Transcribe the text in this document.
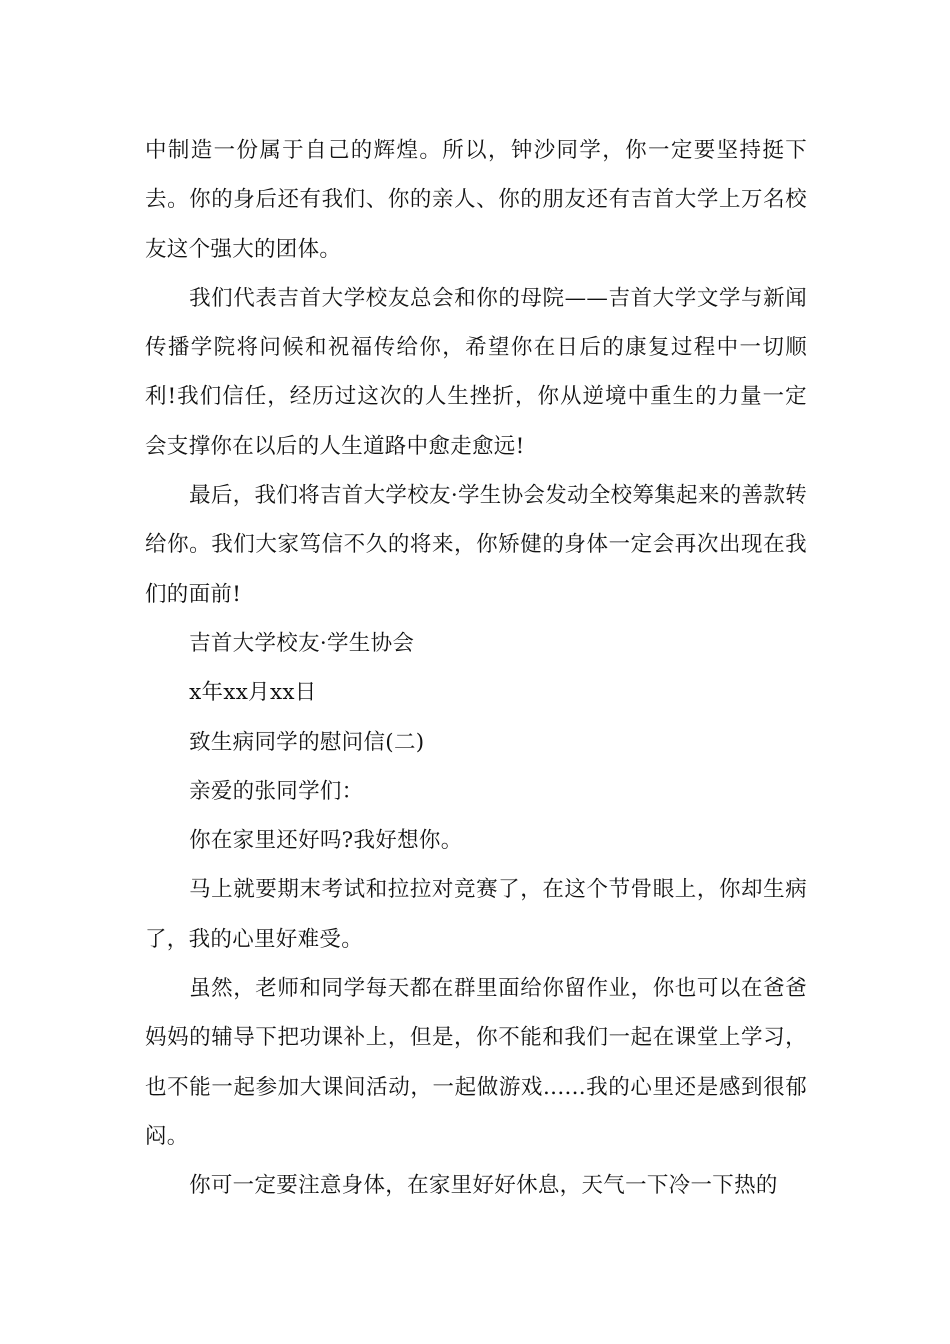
中制造一份属于自己的辉煌。所以，钟沙同学，你一定要坚持挺下去。你的身后还有我们、你的亲人、你的朋友还有吉首大学上万名校友这个强大的团体。

我们代表吉首大学校友总会和你的母院——吉首大学文学与新闻传播学院将问候和祝福传给你，希望你在日后的康复过程中一切顺利!我们信任，经历过这次的人生挫折，你从逆境中重生的力量一定会支撑你在以后的人生道路中愈走愈远!

最后，我们将吉首大学校友·学生协会发动全校筹集起来的善款转给你。我们大家笃信不久的将来，你矫健的身体一定会再次出现在我们的面前!

吉首大学校友·学生协会

x年xx月xx日

致生病同学的慰问信(二)

亲爱的张同学们：

你在家里还好吗?我好想你。

马上就要期末考试和拉拉对竞赛了，在这个节骨眼上，你却生病了，我的心里好难受。

虽然，老师和同学每天都在群里面给你留作业，你也可以在爸爸妈妈的辅导下把功课补上，但是，你不能和我们一起在课堂上学习，也不能一起参加大课间活动，一起做游戏......我的心里还是感到很郁闷。

你可一定要注意身体，在家里好好休息，天气一下冷一下热的
